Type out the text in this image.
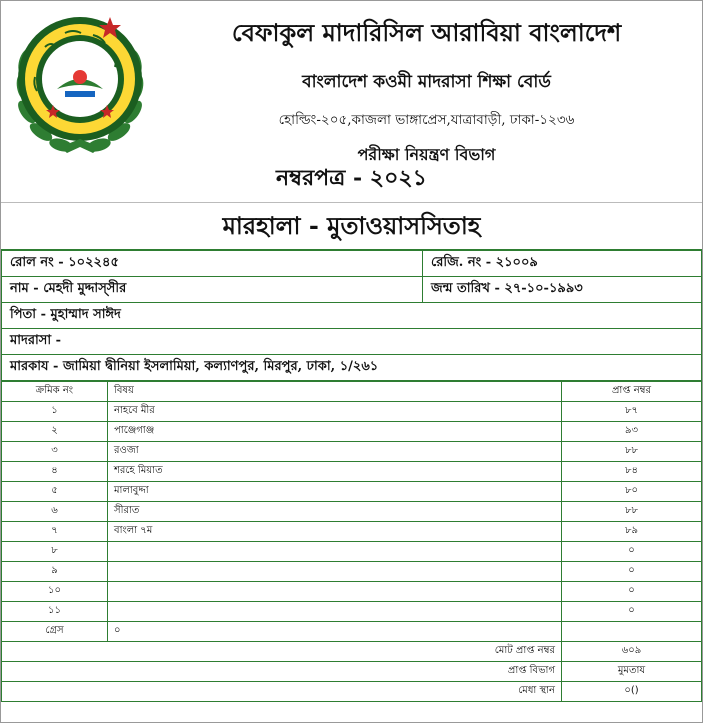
বেফাকুল মাদারিসিল আরাবিয়া বাংলাদেশ
বাংলাদেশ কওমী মাদরাসা শিক্ষা বোর্ড
হোল্ডিং-২০৫,কাজলা ভাঙ্গাপ্রেস,যাত্রাবাড়ী, ঢাকা-১২৩৬
পরীক্ষা নিয়ন্ত্রণ বিভাগ
নম্বরপত্র - ২০২১
মারহালা - মুতাওয়াসসিতাহ
রোল নং - ১০২২৪৫	রেজি. নং - ২১০০৯
নাম - মেহদী মুদ্দাস্সীর	জন্ম তারিখ - ২৭-১০-১৯৯৩
পিতা - মুহাম্মাদ সাঈদ	
মাদরাসা -	
মারকায - জামিয়া দ্বীনিয়া ইসলামিয়া, কল্যাণপুর, মিরপুর, ঢাকা, ১/২৬১	
ক্রমিক নং	বিষয়	প্রাপ্ত নম্বর
১	নাহবে মীর	৮৭
২	পাঞ্জেগাঞ্জ	৯৩
৩	রওজা	৮৮
৪	শরহে মিয়াত	৮৪
৫	মালাবুদ্দা	৮০
৬	সীরাত	৮৮
৭	বাংলা ৭ম	৮৯
৮		০
৯		০
১০		০
১১		০
গ্রেস	০	
মোট প্রাপ্ত নম্বর		৬০৯
প্রাপ্ত বিভাগ		মুমতায
মেধা স্থান		০()
